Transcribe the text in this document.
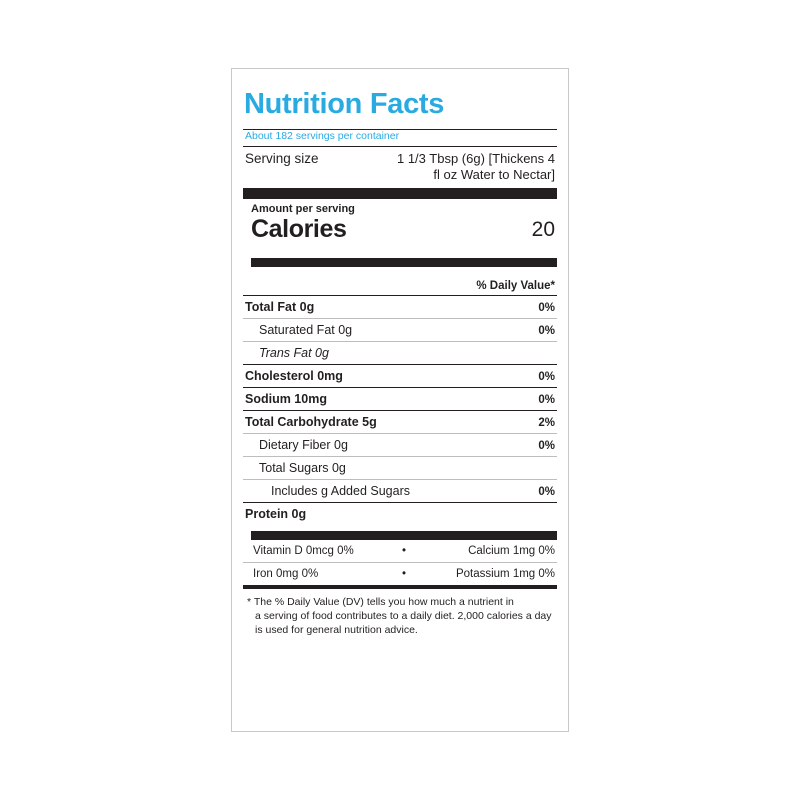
Nutrition Facts
About 182 servings per container
Serving size	1 1/3 Tbsp (6g) [Thickens 4
fl oz Water to Nectar]
Amount per serving
Calories	20
% Daily Value*
Total Fat 0g	0%
Saturated Fat 0g	0%
Trans Fat 0g
Cholesterol 0mg	0%
Sodium 10mg	0%
Total Carbohydrate 5g	2%
Dietary Fiber 0g	0%
Total Sugars 0g
Includes g Added Sugars	0%
Protein 0g
Vitamin D 0mcg 0%	•	Calcium 1mg 0%
Iron 0mg 0%	•	Potassium 1mg 0%
* The % Daily Value (DV) tells you how much a nutrient in
a serving of food contributes to a daily diet. 2,000 calories a day
is used for general nutrition advice.
